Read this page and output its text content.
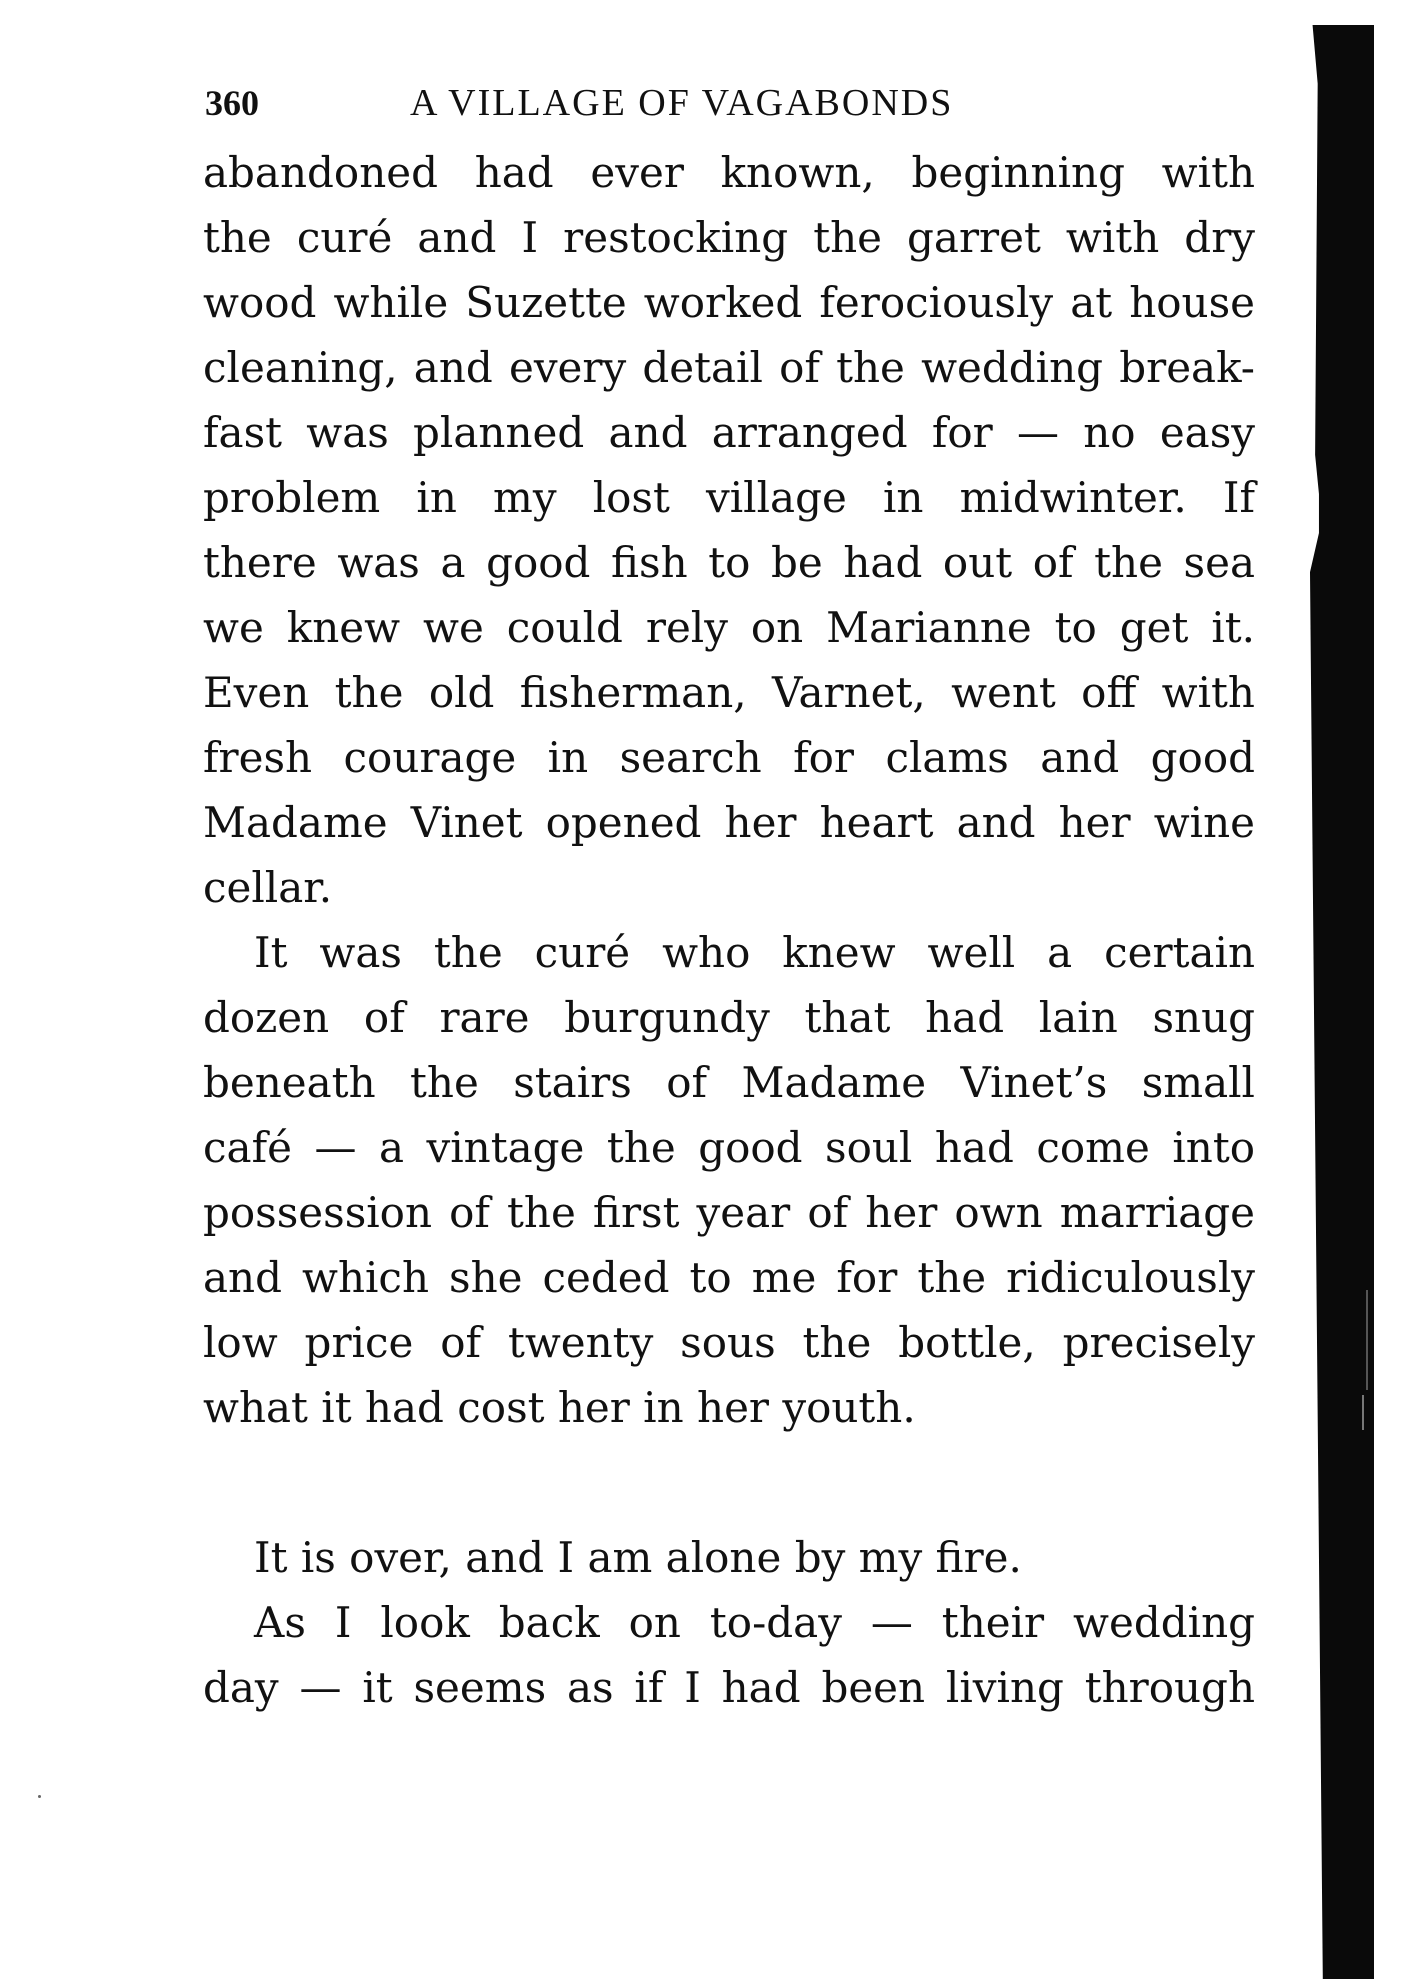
360	A VILLAGE OF VAGABONDS
abandoned had ever known, beginning with
the curé and I restocking the garret with dry
wood while Suzette worked ferociously at house
cleaning, and every detail of the wedding break-
fast was planned and arranged for — no easy
problem in my lost village in midwinter. If
there was a good fish to be had out of the sea
we knew we could rely on Marianne to get it.
Even the old fisherman, Varnet, went off with
fresh courage in search for clams and good
Madame Vinet opened her heart and her wine
cellar.
It was the curé who knew well a certain
dozen of rare burgundy that had lain snug
beneath the stairs of Madame Vinet’s small
café — a vintage the good soul had come into
possession of the first year of her own marriage
and which she ceded to me for the ridiculously
low price of twenty sous the bottle, precisely
what it had cost her in her youth.
It is over, and I am alone by my fire.
As I look back on to-day — their wedding
day — it seems as if I had been living through
